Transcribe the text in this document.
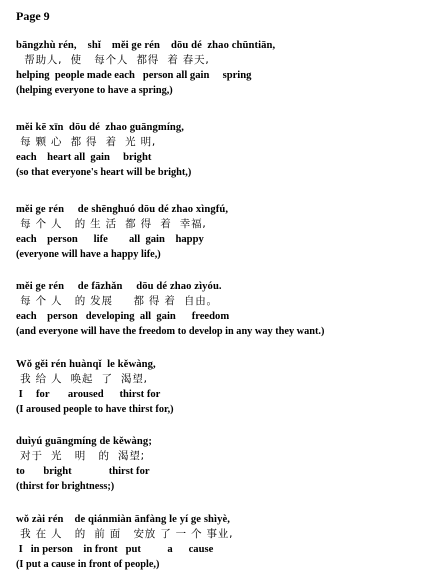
Page 9
bāngzhù rén,    shǐ    měi ge rén    dōu dé  zhao chūntiān,
帮助人,  使   每个人  都得  着 春天,
helping  people made each   person all gain     spring
(helping everyone to have a spring,)
měi kē xīn  dōu dé  zhao guāngmíng,
每 颗 心  都 得  着  光 明,
each    heart all  gain     bright
(so that everyone's heart will be bright,)
měi ge rén     de shēnghuó dōu dé zhao xìngfú,
每 个 人   的 生 活  都 得  着  幸福,
each    person      life        all  gain    happy
(everyone will have a happy life,)
měi ge rén     de fāzhǎn     dōu dé zhao zìyóu.
每 个 人   的 发展     都 得 着  自由。
each    person   developing  all  gain      freedom
(and everyone will have the freedom to develop in any way they want.)
Wǒ gěi rén huànqǐ  le kěwàng,
我 给 人  唤起  了  渴望,
I     for       aroused      thirst for
(I aroused people to have thirst for,)
duìyú guāngmíng de kěwàng;
对于  光   明   的  渴望;
to       bright              thirst for
(thirst for brightness;)
wǒ zài rén    de qiánmiàn ānfàng le yí ge shìyè,
我 在 人   的  前 面   安放 了 一 个 事业,
I   in person    in front   put          a      cause
(I put a cause in front of people,)
